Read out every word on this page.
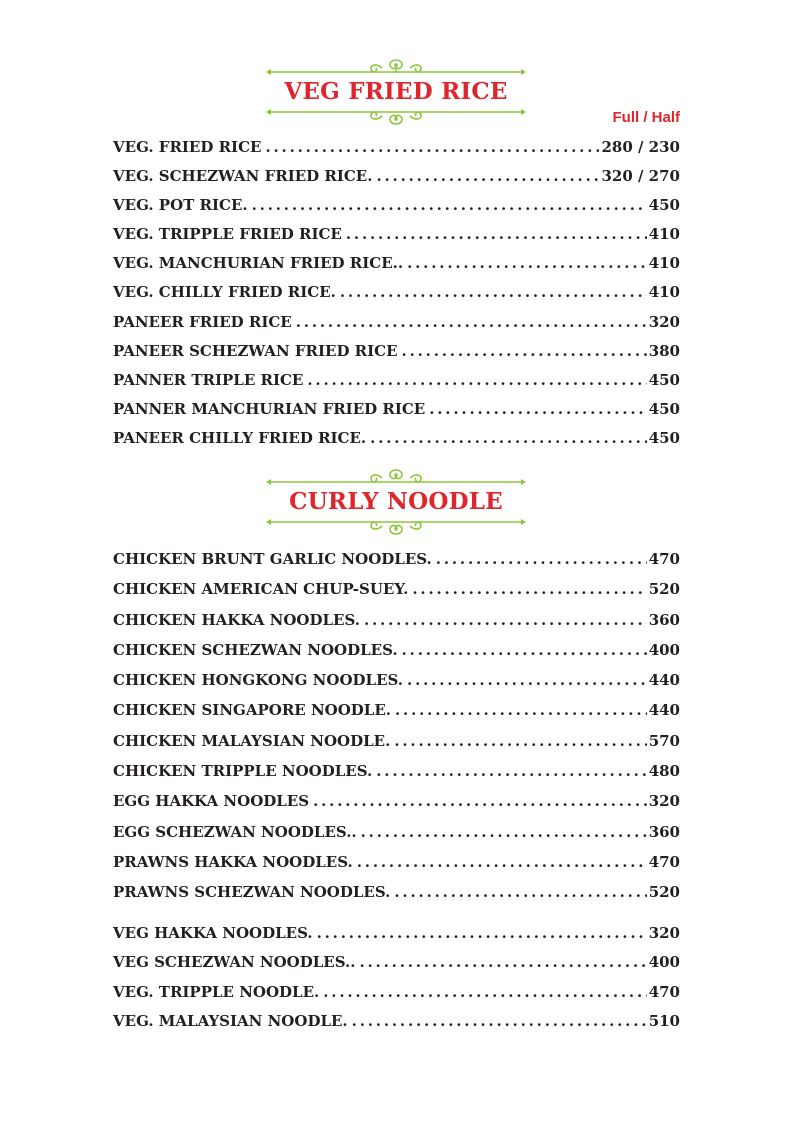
VEG FRIED RICE
Full / Half
VEG. FRIED RICE . . .	280 / 230
VEG. SCHEZWAN FRIED RICE. . . .	320 / 270
VEG. POT RICE. . . .	450
VEG. TRIPPLE FRIED RICE . . .	410
VEG. MANCHURIAN FRIED RICE.. . . .	410
VEG. CHILLY FRIED RICE. . . .	410
PANEER FRIED RICE . . .	320
PANEER SCHEZWAN FRIED RICE . . .	380
PANNER TRIPLE RICE . . .	450
PANNER MANCHURIAN FRIED RICE . . .	450
PANEER CHILLY FRIED RICE. . . .	450
CURLY NOODLE
CHICKEN BRUNT GARLIC NOODLES. . . .	470
CHICKEN AMERICAN CHUP-SUEY. . . .	520
CHICKEN HAKKA NOODLES. . . .	360
CHICKEN SCHEZWAN NOODLES. . . .	400
CHICKEN HONGKONG NOODLES. . . .	440
CHICKEN SINGAPORE NOODLE. . . .	440
CHICKEN MALAYSIAN NOODLE. . . .	570
CHICKEN TRIPPLE NOODLES. . . .	480
EGG HAKKA NOODLES . . .	320
EGG SCHEZWAN NOODLES.. . . .	360
PRAWNS HAKKA NOODLES. . . .	470
PRAWNS SCHEZWAN NOODLES. . . .	520
VEG HAKKA NOODLES. . . .	320
VEG SCHEZWAN NOODLES.. . . .	400
VEG. TRIPPLE NOODLE. . . .	470
VEG. MALAYSIAN NOODLE. . . .	510
